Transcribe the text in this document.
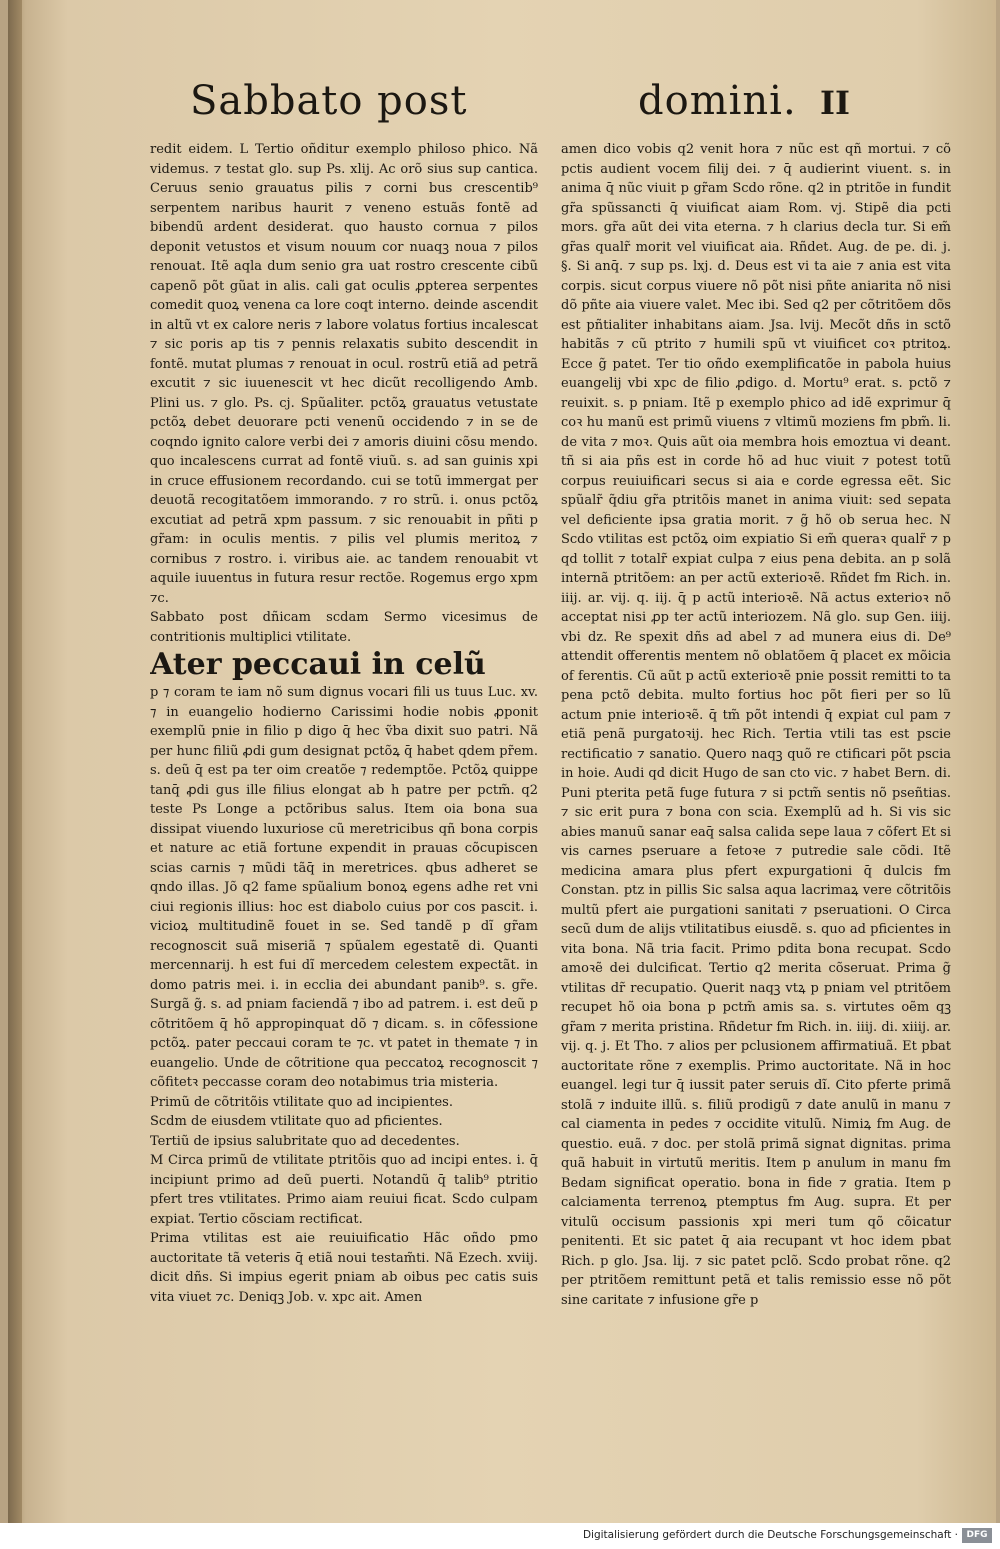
Sabbato post	domini. II

redit eidem. L Tertio oñditur exemplo philoso phico. Nã videmus. ⁊ testat glo. sup Ps. xlij. Ac orõ sius sup cantica. Ceruus senio grauatus pilis ⁊ corni bus crescentib⁹ serpentem naribus haurit ⁊ veneno estuãs fontẽ ad bibendũ ardent desiderat. quo hausto cornua ⁊ pilos deponit vetustos et visum nouum cor nuaqꝫ noua ⁊ pilos renouat. Itẽ aqla dum senio gra uat rostro crescente cibũ capenõ põt gũat in alis. cali gat oculis ꝓpterea serpentes comedit quoꝝ venena ca lore coqt interno. deinde ascendit in altũ vt ex calore neris ⁊ labore volatus fortius incalescat ⁊ sic poris ap tis ⁊ pennis relaxatis subito descendit in fontẽ. mutat plumas ⁊ renouat in ocul. rostrũ etiã ad petrã excutit ⁊ sic iuuenescit vt hec dicũt recolligendo Amb. Plini us. ⁊ glo. Ps. cj. Spũaliter. pctõꝝ grauatus vetustate pctõꝝ debet deuorare pcti venenũ occidendo ⁊ in se de coqndo ignito calore verbi dei ⁊ amoris diuini cõsu mendo. quo incalescens currat ad fontẽ viuũ. s. ad san guinis xpi in cruce effusionem recordando. cui se totũ immergat per deuotã recogitatõem immorando. ⁊ ro strũ. i. onus pctõꝝ excutiat ad petrã xpm passum. ⁊ sic renouabit in pñti p gr̃am: in oculis mentis. ⁊ pilis vel plumis meritoꝝ ⁊ cornibus ⁊ rostro. i. viribus aie. ac tandem renouabit vt aquile iuuentus in futura resur rectõe. Rogemus ergo xpm ⁊c.

Sabbato post dñicam scdam Sermo vicesimus de contritionis multiplici vtilitate.

Ater peccaui in celũ

p ⁊ coram te iam nõ sum dignus vocari fili us tuus Luc. xv. ⁊ in euangelio hodierno Carissimi hodie nobis ꝓponit exemplũ pnie in filio p digo q̄ hec ṽba dixit suo patri. Nã per hunc filiũ ꝓdi gum designat pctõꝝ q̄ habet qdem pr̃em. s. deũ q̄ est pa ter oim creatõe ⁊ redemptõe. Pctõꝝ quippe tanq̄ ꝓdi gus ille filius elongat ab h patre per pctm̃. q2 teste Ps Longe a pctõribus salus. Item oia bona sua dissipat viuendo luxuriose cũ meretricibus qñ bona corpis et nature ac etiã fortune expendit in prauas cõcupiscen scias carnis ⁊ mũdi tãq̄ in meretrices. qbus adheret se qndo illas. Jõ q2 fame spũalium bonoꝝ egens adhe ret vni ciui regionis illius: hoc est diabolo cuius por cos pascit. i. vicioꝝ multitudinẽ fouet in se. Sed tandẽ p dĩ gr̃am recognoscit suã miseriã ⁊ spũalem egestatẽ di. Quanti mercennarij. h est fui dĩ mercedem celestem expectãt. in domo patris mei. i. in ecclia dei abundant panib⁹. s. gr̃e. Surgã g̃. s. ad pniam faciendã ⁊ ibo ad patrem. i. est deũ p cõtritõem q̄ hõ appropinquat dõ ⁊ dicam. s. in cõfessione pctõꝝ. pater peccaui coram te ⁊c. vt patet in themate ⁊ in euangelio. Unde de cõtritione qua peccatoꝝ recognoscit ⁊ cõfitetꝛ peccasse coram deo notabimus tria misteria.

Primũ de cõtritõis vtilitate quo ad incipientes.

Scdm de eiusdem vtilitate quo ad pficientes.

Tertiũ de ipsius salubritate quo ad decedentes.

M Circa primũ de vtilitate ptritõis quo ad incipi entes. i. q̄ incipiunt primo ad deũ puerti. Notandũ q̄ talib⁹ ptritio pfert tres vtilitates. Primo aiam reuiui ficat. Scdo culpam expiat. Tertio cõsciam rectificat.

Prima vtilitas est aie reuiuificatio Hãc oñdo pmo auctoritate tã veteris q̄ etiã noui testam̃ti. Nã Ezech. xviij. dicit dñs. Si impius egerit pniam ab oibus pec catis suis vita viuet ⁊c. Deniqꝫ Job. v. xpc ait. Amen

amen dico vobis q2 venit hora ⁊ nũc est qñ mortui. ⁊ cõ pctis audient vocem filij dei. ⁊ q̄ audierint viuent. s. in anima q̄ nũc viuit p gr̃am Scdo rõne. q2 in ptritõe in fundit gr̃a spũssancti q̄ viuificat aiam Rom. vj. Stipẽ dia pcti mors. gr̃a aũt dei vita eterna. ⁊ h clarius decla tur. Si em̃ gr̃as qualr̃ morit vel viuificat aia. Rñdet. Aug. de pe. di. j. §. Si anq̄. ⁊ sup ps. lxj. d. Deus est vi ta aie ⁊ ania est vita corpis. sicut corpus viuere nõ põt nisi pñte aniarita nõ nisi dõ pñte aia viuere valet. Mec ibi. Sed q2 per cõtritõem dõs est pñtialiter inhabitans aiam. Jsa. lvij. Mecõt dñs in sctõ habitãs ⁊ cũ ptrito ⁊ humili spũ vt viuificet coꝛ ptritoꝝ. Ecce g̃ patet. Ter tio oñdo exemplificatõe in pabola huius euangelij vbi xpc de filio ꝓdigo. d. Mortu⁹ erat. s. pctõ ⁊ reuixit. s. p pniam. Itẽ p exemplo phico ad idẽ exprimur q̄ coꝛ hu manũ est primũ viuens ⁊ vltimũ moziens fm pbm̃. li. de vita ⁊ moꝛ. Quis aũt oia membra hois emoztua vi deant. tñ si aia pñs est in corde hõ ad huc viuit ⁊ potest totũ corpus reuiuificari secus si aia e corde egressa eẽt. Sic spũalr̃ q̃diu gr̃a ptritõis manet in anima viuit: sed sepata vel deficiente ipsa gratia morit. ⁊ g̃ hõ ob serua hec. N Scdo vtilitas est pctõꝝ oim expiatio Si em̃ queraꝛ qualr̃ ⁊ p qd tollit ⁊ totalr̃ expiat culpa ⁊ eius pena debita. an p solã internã ptritõem: an per actũ exterioꝛẽ. Rñdet fm Rich. in. iiij. ar. vij. q. iij. q̄ p actũ interioꝛẽ. Nã actus exterioꝛ nõ acceptat nisi ꝓp ter actũ interiozem. Nã glo. sup Gen. iiij. vbi dz. Re spexit dñs ad abel ⁊ ad munera eius di. De⁹ attendit offerentis mentem nõ oblatõem q̄ placet ex mõicia of ferentis. Cũ aũt p actũ exterioꝛẽ pnie possit remitti to ta pena pctõ debita. multo fortius hoc põt fieri per so lũ actum pnie interioꝛẽ. q̄ tm̃ põt intendi q̄ expiat cul pam ⁊ etiã penã purgatoꝛij. hec Rich. Tertia vtili tas est pscie rectificatio ⁊ sanatio. Quero naqꝫ quõ re ctificari põt pscia in hoie. Audi qd dicit Hugo de san cto vic. ⁊ habet Bern. di. Puni pterita petã fuge futura ⁊ si pctm̃ sentis nõ pseñtias. ⁊ sic erit pura ⁊ bona con scia. Exemplũ ad h. Si vis sic abies manuũ sanar eaq̄ salsa calida sepe laua ⁊ cõfert Et si vis carnes pseruare a fetoꝛe ⁊ putredie sale cõdi. Itẽ medicina amara plus pfert expurgationi q̄ dulcis fm Constan. ptz in pillis Sic salsa aqua lacrimaꝝ vere cõtritõis multũ pfert aie purgationi sanitati ⁊ pseruationi. O Circa secũ dum de alijs vtilitatibus eiusdẽ. s. quo ad pficientes in vita bona. Nã tria facit. Primo pdita bona recupat. Scdo amoꝛẽ dei dulcificat. Tertio q2 merita cõseruat. Prima g̃ vtilitas dr̃ recupatio. Querit naqꝫ vtꝝ p pniam vel ptritõem recupet hõ oia bona p pctm̃ amis sa. s. virtutes oẽm qꝫ gr̃am ⁊ merita pristina. Rñdetur fm Rich. in. iiij. di. xiiij. ar. vij. q. j. Et Tho. ⁊ alios per pclusionem affirmatiuã. Et pbat auctoritate rõne ⁊ exemplis. Primo auctoritate. Nã in hoc euangel. legi tur q̄ iussit pater seruis dĩ. Cito pferte primã stolã ⁊ induite illũ. s. filiũ prodigũ ⁊ date anulũ in manu ⁊ cal ciamenta in pedes ⁊ occidite vitulũ. Nimiꝝ fm Aug. de questio. euã. ⁊ doc. per stolã primã signat dignitas. prima quã habuit in virtutũ meritis. Item p anulum in manu fm Bedam significat operatio. bona in fide ⁊ gratia. Item p calciamenta terrenoꝝ ptemptus fm Aug. supra. Et per vitulũ occisum passionis xpi meri tum qõ cõicatur penitenti. Et sic patet q̄ aia recupant vt hoc idem pbat Rich. p glo. Jsa. lij. ⁊ sic patet pclõ. Scdo probat rõne. q2 per ptritõem remittunt petã et talis remissio esse nõ põt sine caritate ⁊ infusione gr̃e p

Digitalisierung gefördert durch die Deutsche Forschungsgemeinschaft · DFG
